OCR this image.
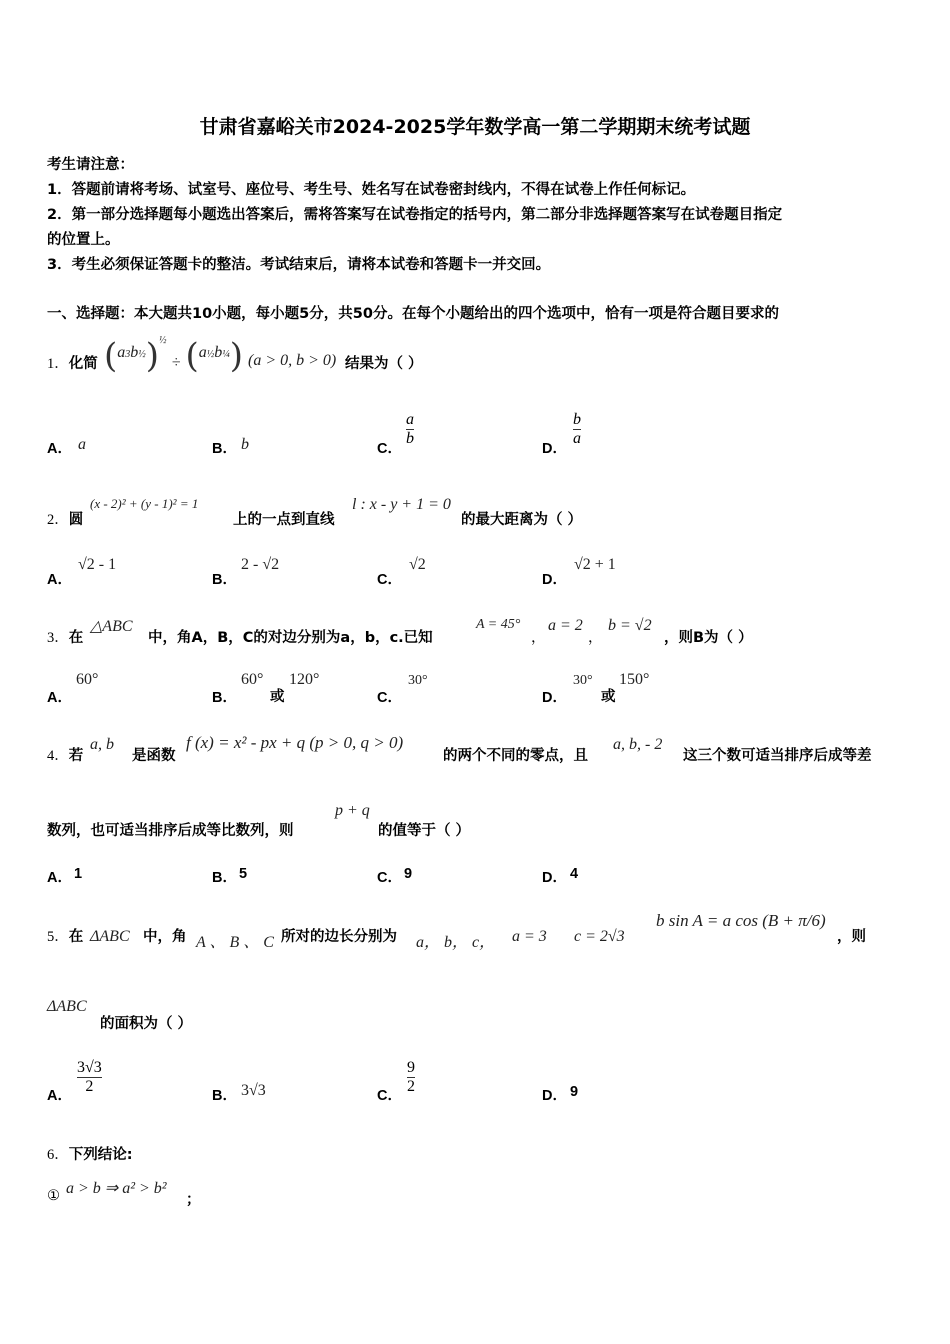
甘肃省嘉峪关市2024-2025学年数学高一第二学期期末统考试题
考生请注意：
1．答题前请将考场、试室号、座位号、考生号、姓名写在试卷密封线内，不得在试卷上作任何标记。
2．第一部分选择题每小题选出答案后，需将答案写在试卷指定的括号内，第二部分非选择题答案写在试卷题目指定
的位置上。
3．考生必须保证答题卡的整洁。考试结束后，请将本试卷和答题卡一并交回。
一、选择题：本大题共10小题，每小题5分，共50分。在每个小题给出的四个选项中，恰有一项是符合题目要求的
1．化简 (a3b½)$^{\frac{1}{2}}$ ÷ (a½b¼) (a > 0, b > 0) 结果为（ ）
A． a	B． b	C．
a
b
D．
b
a
2．圆
(x - 2)² + (y - 1)² = 1
上的一点到直线
l : x - y + 1 = 0
的最大距离为（ ）
A．
√2 - 1
B．
2 - √2
C．
√2
D．
√2 + 1
3．在
△ABC
中，角A，B，C的对边分别为a，b，c.已知
A = 45°
，
a = 2
，
b = √2
，则B为（ ）
A．
60°
B．
60°
或
120°
C．
30°
D．
30°
或
150°
4．若
a, b
是函数
f (x) = x² - px + q (p > 0, q > 0)
的两个不同的零点，且
a, b, - 2
这三个数可适当排序后成等差
数列，也可适当排序后成等比数列，则
p + q
的值等于（ ）
A． 1	B． 5	C． 9	D． 4
5．在 ΔABC 中，角 A 、 B 、 C 所对的边长分别为 a， b， c， a = 3 c = 2√3
b sin A = a cos (B + π/6)
，则
ΔABC
的面积为（ ）
A．
3√3
2
B． 3√3	C．
9
2
D． 9
6．下列结论:
① a > b ⇒ a² > b²
；
